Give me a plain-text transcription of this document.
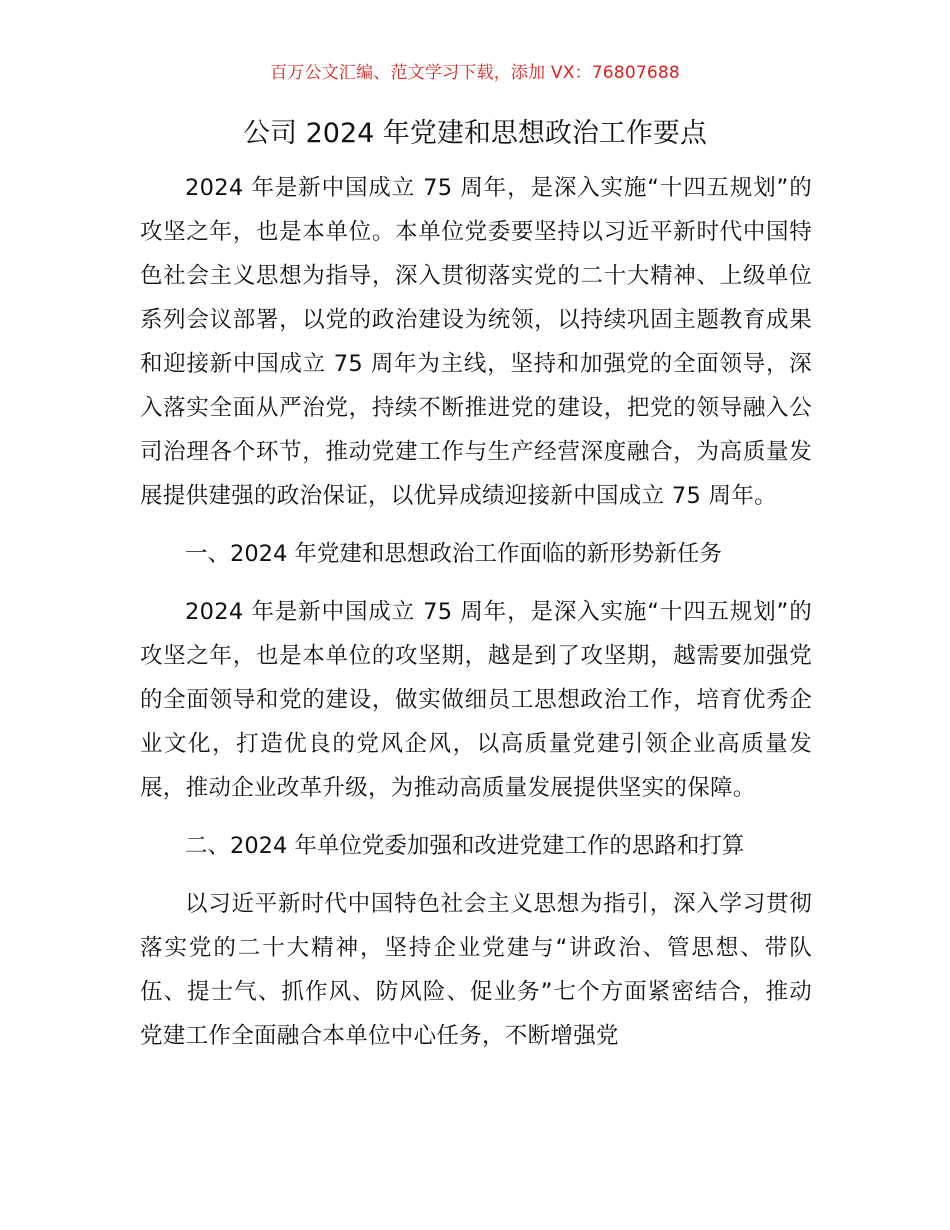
百万公文汇编、范文学习下载，添加 VX：76807688
公司 2024 年党建和思想政治工作要点

2024 年是新中国成立 75 周年，是深入实施“十四五规划”的攻坚之年，也是本单位。本单位党委要坚持以习近平新时代中国特色社会主义思想为指导，深入贯彻落实党的二十大精神、上级单位系列会议部署，以党的政治建设为统领，以持续巩固主题教育成果和迎接新中国成立 75 周年为主线，坚持和加强党的全面领导，深入落实全面从严治党，持续不断推进党的建设，把党的领导融入公司治理各个环节，推动党建工作与生产经营深度融合，为高质量发展提供建强的政治保证，以优异成绩迎接新中国成立 75 周年。

一、2024 年党建和思想政治工作面临的新形势新任务

2024 年是新中国成立 75 周年，是深入实施“十四五规划”的攻坚之年，也是本单位的攻坚期，越是到了攻坚期，越需要加强党的全面领导和党的建设，做实做细员工思想政治工作，培育优秀企业文化，打造优良的党风企风，以高质量党建引领企业高质量发展，推动企业改革升级，为推动高质量发展提供坚实的保障。

二、2024 年单位党委加强和改进党建工作的思路和打算

以习近平新时代中国特色社会主义思想为指引，深入学习贯彻落实党的二十大精神，坚持企业党建与“讲政治、管思想、带队伍、提士气、抓作风、防风险、促业务”七个方面紧密结合，推动党建工作全面融合本单位中心任务，不断增强党
